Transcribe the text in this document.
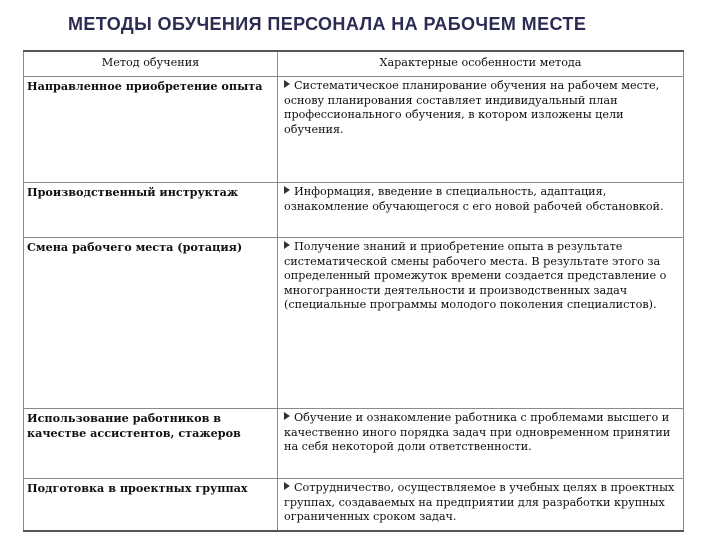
МЕТОДЫ ОБУЧЕНИЯ ПЕРСОНАЛА НА РАБОЧЕМ МЕСТЕ
Метод обучения	Характерные особенности метода
Направленное приобретение опыта	Систематическое планирование обучения на рабочем месте, основу планирования составляет индивидуальный план профессионального обучения, в котором изложены цели обучения.
Производственный инструктаж	Информация, введение в специальность, адаптация, ознакомление обучающегося с его новой рабочей обстановкой.
Смена рабочего места (ротация)	Получение знаний и приобретение опыта в результате систематической смены рабочего места. В результате этого за определенный промежуток времени создается представление о многогранности деятельности и производственных задач (специальные программы молодого поколения специалистов).
Использование работников в качестве ассистентов, стажеров	Обучение и ознакомление работника с проблемами высшего и качественно иного порядка задач при одновременном принятии на себя некоторой доли ответственности.
Подготовка в проектных группах	Сотрудничество, осуществляемое в учебных целях в проектных группах, создаваемых на предприятии для разработки крупных ограниченных сроком задач.
